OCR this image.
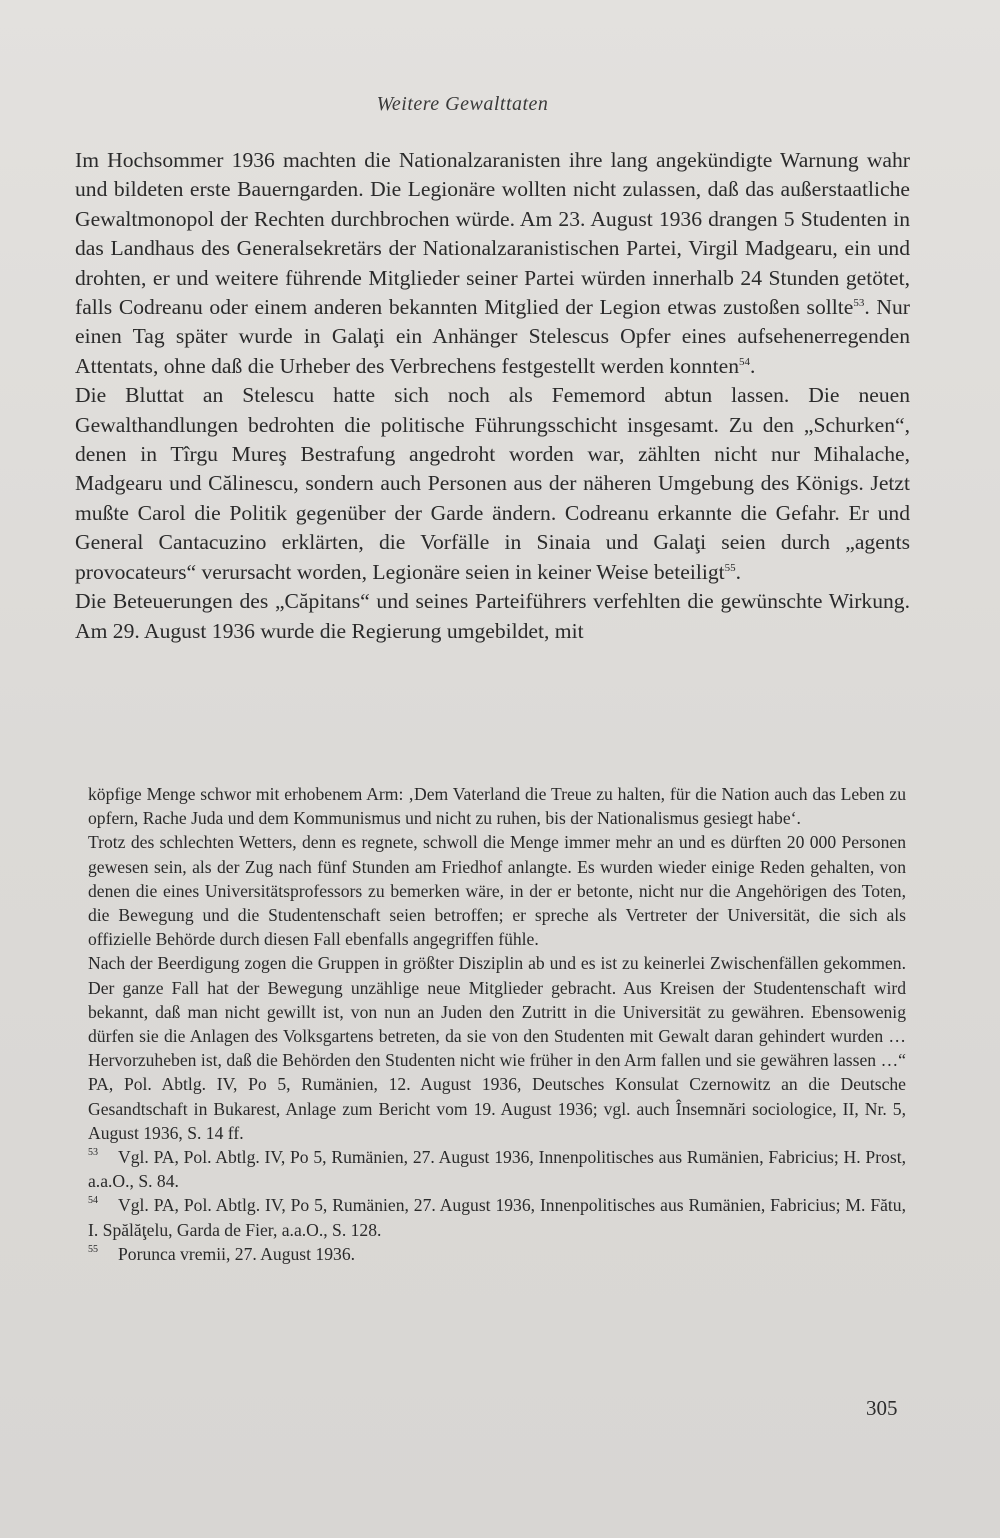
Weitere Gewalttaten

Im Hochsommer 1936 machten die Nationalzaranisten ihre lang angekündigte Warnung wahr und bildeten erste Bauerngarden. Die Legionäre wollten nicht zulassen, daß das außerstaatliche Gewaltmonopol der Rechten durchbrochen würde. Am 23. August 1936 drangen 5 Studenten in das Landhaus des Generalsekretärs der Nationalzaranistischen Partei, Virgil Madgearu, ein und drohten, er und weitere führende Mitglieder seiner Partei würden innerhalb 24 Stunden getötet, falls Codreanu oder einem anderen bekannten Mitglied der Legion etwas zustoßen sollte$^{53}$. Nur einen Tag später wurde in Galaţi ein Anhänger Stelescus Opfer eines aufsehenerregenden Attentats, ohne daß die Urheber des Verbrechens festgestellt werden konnten$^{54}$.

Die Bluttat an Stelescu hatte sich noch als Fememord abtun lassen. Die neuen Gewalthandlungen bedrohten die politische Führungsschicht insgesamt. Zu den „Schurken“, denen in Tîrgu Mureş Bestrafung angedroht worden war, zählten nicht nur Mihalache, Madgearu und Călinescu, sondern auch Personen aus der näheren Umgebung des Königs. Jetzt mußte Carol die Politik gegenüber der Garde ändern. Codreanu erkannte die Gefahr. Er und General Cantacuzino erklärten, die Vorfälle in Sinaia und Galaţi seien durch „agents provocateurs“ verursacht worden, Legionäre seien in keiner Weise beteiligt$^{55}$.

Die Beteuerungen des „Căpitans“ und seines Parteiführers verfehlten die gewünschte Wirkung. Am 29. August 1936 wurde die Regierung umgebildet, mit

köpfige Menge schwor mit erhobenem Arm: ‚Dem Vaterland die Treue zu halten, für die Nation auch das Leben zu opfern, Rache Juda und dem Kommunismus und nicht zu ruhen, bis der Nationalismus gesiegt habe‘.

Trotz des schlechten Wetters, denn es regnete, schwoll die Menge immer mehr an und es dürften 20 000 Personen gewesen sein, als der Zug nach fünf Stunden am Friedhof anlangte. Es wurden wieder einige Reden gehalten, von denen die eines Universitätsprofessors zu bemerken wäre, in der er betonte, nicht nur die Angehörigen des Toten, die Bewegung und die Studentenschaft seien betroffen; er spreche als Vertreter der Universität, die sich als offizielle Behörde durch diesen Fall ebenfalls angegriffen fühle.

Nach der Beerdigung zogen die Gruppen in größter Disziplin ab und es ist zu keinerlei Zwischenfällen gekommen. Der ganze Fall hat der Bewegung unzählige neue Mitglieder gebracht. Aus Kreisen der Studentenschaft wird bekannt, daß man nicht gewillt ist, von nun an Juden den Zutritt in die Universität zu gewähren. Ebensowenig dürfen sie die Anlagen des Volksgartens betreten, da sie von den Studenten mit Gewalt daran gehindert wurden … Hervorzuheben ist, daß die Behörden den Studenten nicht wie früher in den Arm fallen und sie gewähren lassen …“ PA, Pol. Abtlg. IV, Po 5, Rumänien, 12. August 1936, Deutsches Konsulat Czernowitz an die Deutsche Gesandtschaft in Bukarest, Anlage zum Bericht vom 19. August 1936; vgl. auch Însemnări sociologice, II, Nr. 5, August 1936, S. 14 ff.

53 Vgl. PA, Pol. Abtlg. IV, Po 5, Rumänien, 27. August 1936, Innenpolitisches aus Rumänien, Fabricius; H. Prost, a.a.O., S. 84.

54 Vgl. PA, Pol. Abtlg. IV, Po 5, Rumänien, 27. August 1936, Innenpolitisches aus Rumänien, Fabricius; M. Fătu, I. Spălăţelu, Garda de Fier, a.a.O., S. 128.

55 Poruncа vremii, 27. August 1936.

305
